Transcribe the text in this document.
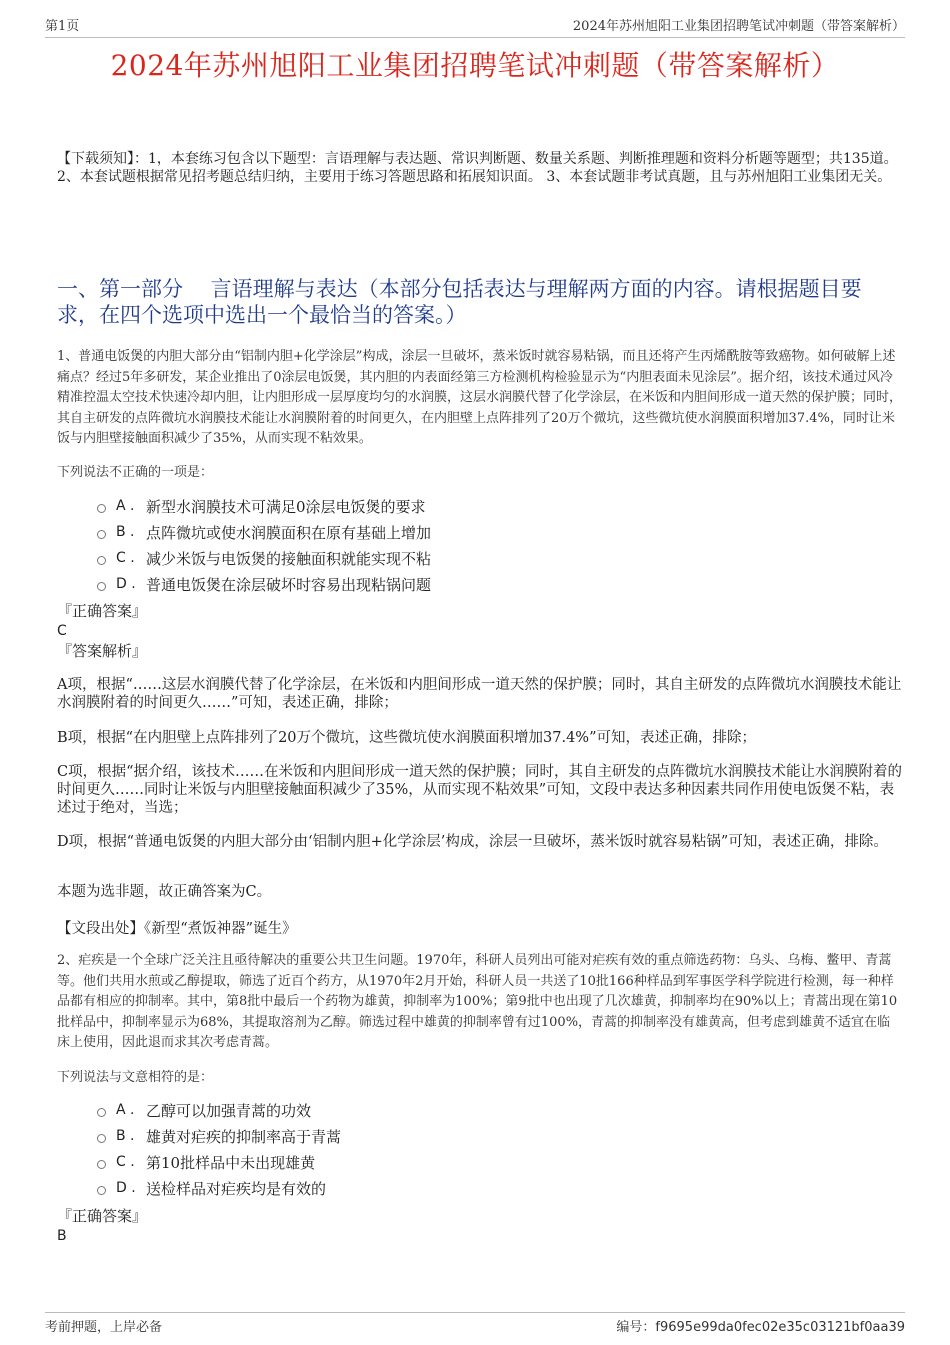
第1页	2024年苏州旭阳工业集团招聘笔试冲刺题（带答案解析）
2024年苏州旭阳工业集团招聘笔试冲刺题（带答案解析）
【下载须知】：1，本套练习包含以下题型：言语理解与表达题、常识判断题、数量关系题、判断推理题和资料分析题等题型；共135道。 2、本套试题根据常见招考题总结归纳，主要用于练习答题思路和拓展知识面。 3、本套试题非考试真题，且与苏州旭阳工业集团无关。
一、第一部分　 言语理解与表达（本部分包括表达与理解两方面的内容。请根据题目要求，在四个选项中选出一个最恰当的答案。）

1、普通电饭煲的内胆大部分由“铝制内胆+化学涂层”构成，涂层一旦破坏，蒸米饭时就容易粘锅，而且还将产生丙烯酰胺等致癌物。如何破解上述痛点？经过5年多研发，某企业推出了0涂层电饭煲，其内胆的内表面经第三方检测机构检验显示为“内胆表面未见涂层”。据介绍，该技术通过风冷精准控温太空技术快速冷却内胆，让内胆形成一层厚度均匀的水润膜，这层水润膜代替了化学涂层，在米饭和内胆间形成一道天然的保护膜；同时，其自主研发的点阵微坑水润膜技术能让水润膜附着的时间更久，在内胆壁上点阵排列了20万个微坑，这些微坑使水润膜面积增加37.4%，同时让米饭与内胆壁接触面积减少了35%，从而实现不粘效果。

下列说法不正确的一项是：

A . 新型水润膜技术可满足0涂层电饭煲的要求
B . 点阵微坑或使水润膜面积在原有基础上增加
C . 减少米饭与电饭煲的接触面积就能实现不粘
D . 普通电饭煲在涂层破坏时容易出现粘锅问题

『正确答案』

C

『答案解析』

A项，根据“……这层水润膜代替了化学涂层，在米饭和内胆间形成一道天然的保护膜；同时，其自主研发的点阵微坑水润膜技术能让水润膜附着的时间更久……”可知，表述正确，排除；

B项，根据“在内胆壁上点阵排列了20万个微坑，这些微坑使水润膜面积增加37.4%”可知，表述正确，排除；

C项，根据“据介绍，该技术……在米饭和内胆间形成一道天然的保护膜；同时，其自主研发的点阵微坑水润膜技术能让水润膜附着的时间更久……同时让米饭与内胆壁接触面积减少了35%，从而实现不粘效果”可知，文段中表达多种因素共同作用使电饭煲不粘，表述过于绝对，当选；

D项，根据“普通电饭煲的内胆大部分由‘铝制内胆+化学涂层’构成，涂层一旦破坏，蒸米饭时就容易粘锅”可知，表述正确，排除。

本题为选非题，故正确答案为C。

【文段出处】《新型“煮饭神器”诞生》

2、疟疾是一个全球广泛关注且亟待解决的重要公共卫生问题。1970年，科研人员列出可能对疟疾有效的重点筛选药物：乌头、乌梅、鳖甲、青蒿等。他们共用水煎或乙醇提取，筛选了近百个药方，从1970年2月开始，科研人员一共送了10批166种样品到军事医学科学院进行检测，每一种样品都有相应的抑制率。其中，第8批中最后一个药物为雄黄，抑制率为100%；第9批中也出现了几次雄黄，抑制率均在90%以上；青蒿出现在第10批样品中，抑制率显示为68%，其提取溶剂为乙醇。筛选过程中雄黄的抑制率曾有过100%，青蒿的抑制率没有雄黄高，但考虑到雄黄不适宜在临床上使用，因此退而求其次考虑青蒿。

下列说法与文意相符的是：

A . 乙醇可以加强青蒿的功效
B . 雄黄对疟疾的抑制率高于青蒿
C . 第10批样品中未出现雄黄
D . 送检样品对疟疾均是有效的

『正确答案』

B

考前押题，上岸必备	编号：f9695e99da0fec02e35c03121bf0aa39
